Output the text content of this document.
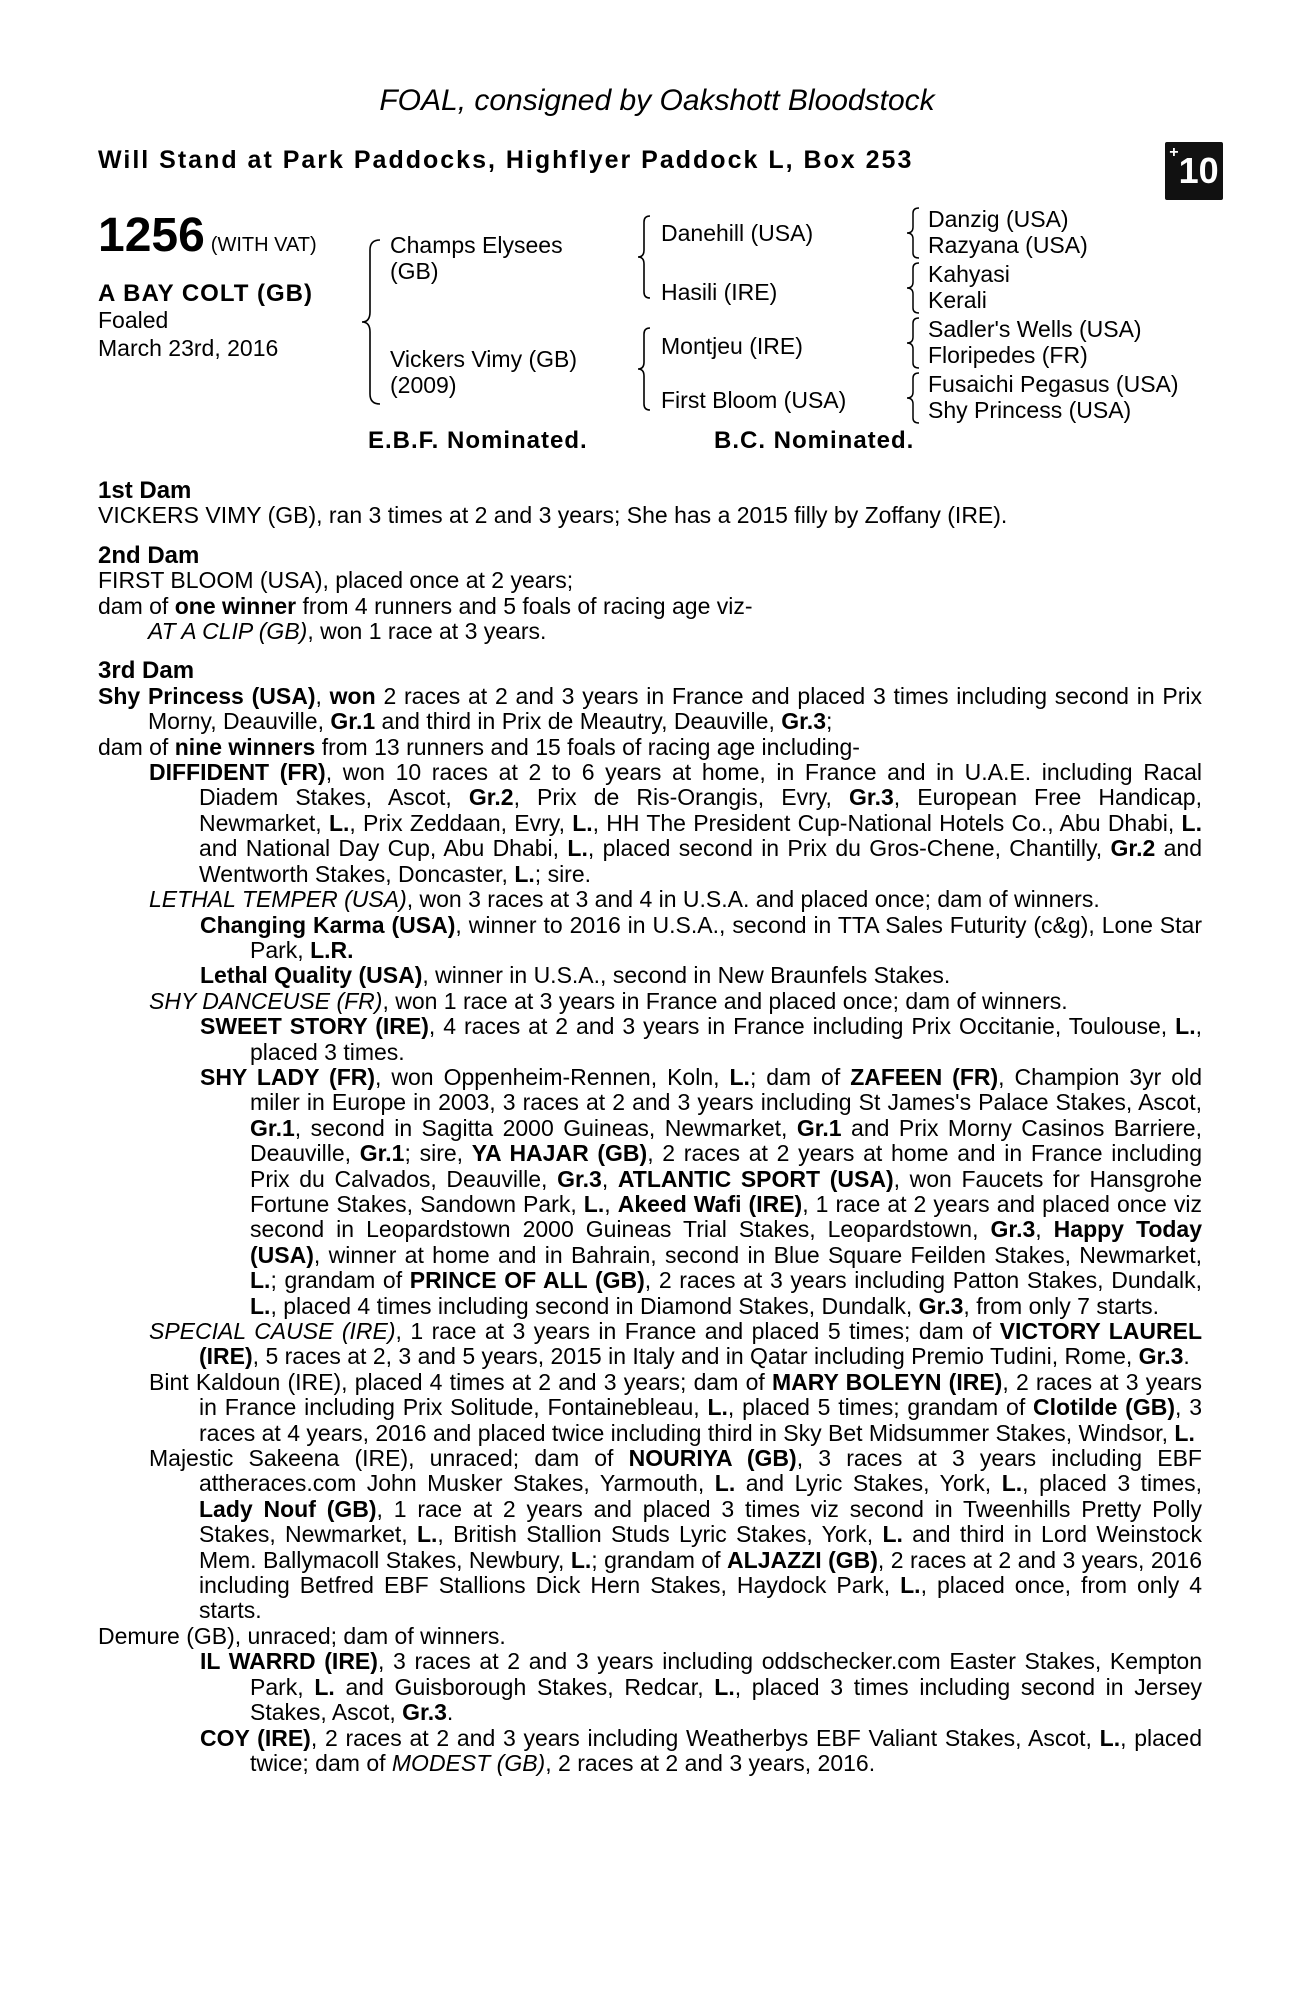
FOAL, consigned by Oakshott Bloodstock
Will Stand at Park Paddocks, Highflyer Paddock L, Box 253	+10
1256 (WITH VAT)
A BAY COLT (GB)
Foaled
March 23rd, 2016
Champs Elysees
(GB)
Vickers Vimy (GB)
(2009)
Danehill (USA)
Hasili (IRE)
Montjeu (IRE)
First Bloom (USA)
Danzig (USA)
Razyana (USA)
Kahyasi
Kerali
Sadler's Wells (USA)
Floripedes (FR)
Fusaichi Pegasus (USA)
Shy Princess (USA)
E.B.F. Nominated.	B.C. Nominated.
1st Dam
VICKERS VIMY (GB), ran 3 times at 2 and 3 years; She has a 2015 filly by Zoffany (IRE).
2nd Dam
FIRST BLOOM (USA), placed once at 2 years;
dam of one winner from 4 runners and 5 foals of racing age viz-
AT A CLIP (GB), won 1 race at 3 years.
3rd Dam
Shy Princess (USA), won 2 races at 2 and 3 years in France and placed 3 times including second in Prix Morny, Deauville, Gr.1 and third in Prix de Meautry, Deauville, Gr.3;
dam of nine winners from 13 runners and 15 foals of racing age including-
DIFFIDENT (FR), won 10 races at 2 to 6 years at home, in France and in U.A.E. including Racal Diadem Stakes, Ascot, Gr.2, Prix de Ris-Orangis, Evry, Gr.3, European Free Handicap, Newmarket, L., Prix Zeddaan, Evry, L., HH The President Cup-National Hotels Co., Abu Dhabi, L. and National Day Cup, Abu Dhabi, L., placed second in Prix du Gros-Chene, Chantilly, Gr.2 and Wentworth Stakes, Doncaster, L.; sire.
LETHAL TEMPER (USA), won 3 races at 3 and 4 in U.S.A. and placed once; dam of winners.
Changing Karma (USA), winner to 2016 in U.S.A., second in TTA Sales Futurity (c&g), Lone Star Park, L.R.
Lethal Quality (USA), winner in U.S.A., second in New Braunfels Stakes.
SHY DANCEUSE (FR), won 1 race at 3 years in France and placed once; dam of winners.
SWEET STORY (IRE), 4 races at 2 and 3 years in France including Prix Occitanie, Toulouse, L., placed 3 times.
SHY LADY (FR), won Oppenheim-Rennen, Koln, L.; dam of ZAFEEN (FR), Champion 3yr old miler in Europe in 2003, 3 races at 2 and 3 years including St James's Palace Stakes, Ascot, Gr.1, second in Sagitta 2000 Guineas, Newmarket, Gr.1 and Prix Morny Casinos Barriere, Deauville, Gr.1; sire, YA HAJAR (GB), 2 races at 2 years at home and in France including Prix du Calvados, Deauville, Gr.3, ATLANTIC SPORT (USA), won Faucets for Hansgrohe Fortune Stakes, Sandown Park, L., Akeed Wafi (IRE), 1 race at 2 years and placed once viz second in Leopardstown 2000 Guineas Trial Stakes, Leopardstown, Gr.3, Happy Today (USA), winner at home and in Bahrain, second in Blue Square Feilden Stakes, Newmarket, L.; grandam of PRINCE OF ALL (GB), 2 races at 3 years including Patton Stakes, Dundalk, L., placed 4 times including second in Diamond Stakes, Dundalk, Gr.3, from only 7 starts.
SPECIAL CAUSE (IRE), 1 race at 3 years in France and placed 5 times; dam of VICTORY LAUREL (IRE), 5 races at 2, 3 and 5 years, 2015 in Italy and in Qatar including Premio Tudini, Rome, Gr.3.
Bint Kaldoun (IRE), placed 4 times at 2 and 3 years; dam of MARY BOLEYN (IRE), 2 races at 3 years in France including Prix Solitude, Fontainebleau, L., placed 5 times; grandam of Clotilde (GB), 3 races at 4 years, 2016 and placed twice including third in Sky Bet Midsummer Stakes, Windsor, L.
Majestic Sakeena (IRE), unraced; dam of NOURIYA (GB), 3 races at 3 years including EBF attheraces.com John Musker Stakes, Yarmouth, L. and Lyric Stakes, York, L., placed 3 times, Lady Nouf (GB), 1 race at 2 years and placed 3 times viz second in Tweenhills Pretty Polly Stakes, Newmarket, L., British Stallion Studs Lyric Stakes, York, L. and third in Lord Weinstock Mem. Ballymacoll Stakes, Newbury, L.; grandam of ALJAZZI (GB), 2 races at 2 and 3 years, 2016 including Betfred EBF Stallions Dick Hern Stakes, Haydock Park, L., placed once, from only 4 starts.
Demure (GB), unraced; dam of winners.
IL WARRD (IRE), 3 races at 2 and 3 years including oddschecker.com Easter Stakes, Kempton Park, L. and Guisborough Stakes, Redcar, L., placed 3 times including second in Jersey Stakes, Ascot, Gr.3.
COY (IRE), 2 races at 2 and 3 years including Weatherbys EBF Valiant Stakes, Ascot, L., placed twice; dam of MODEST (GB), 2 races at 2 and 3 years, 2016.
